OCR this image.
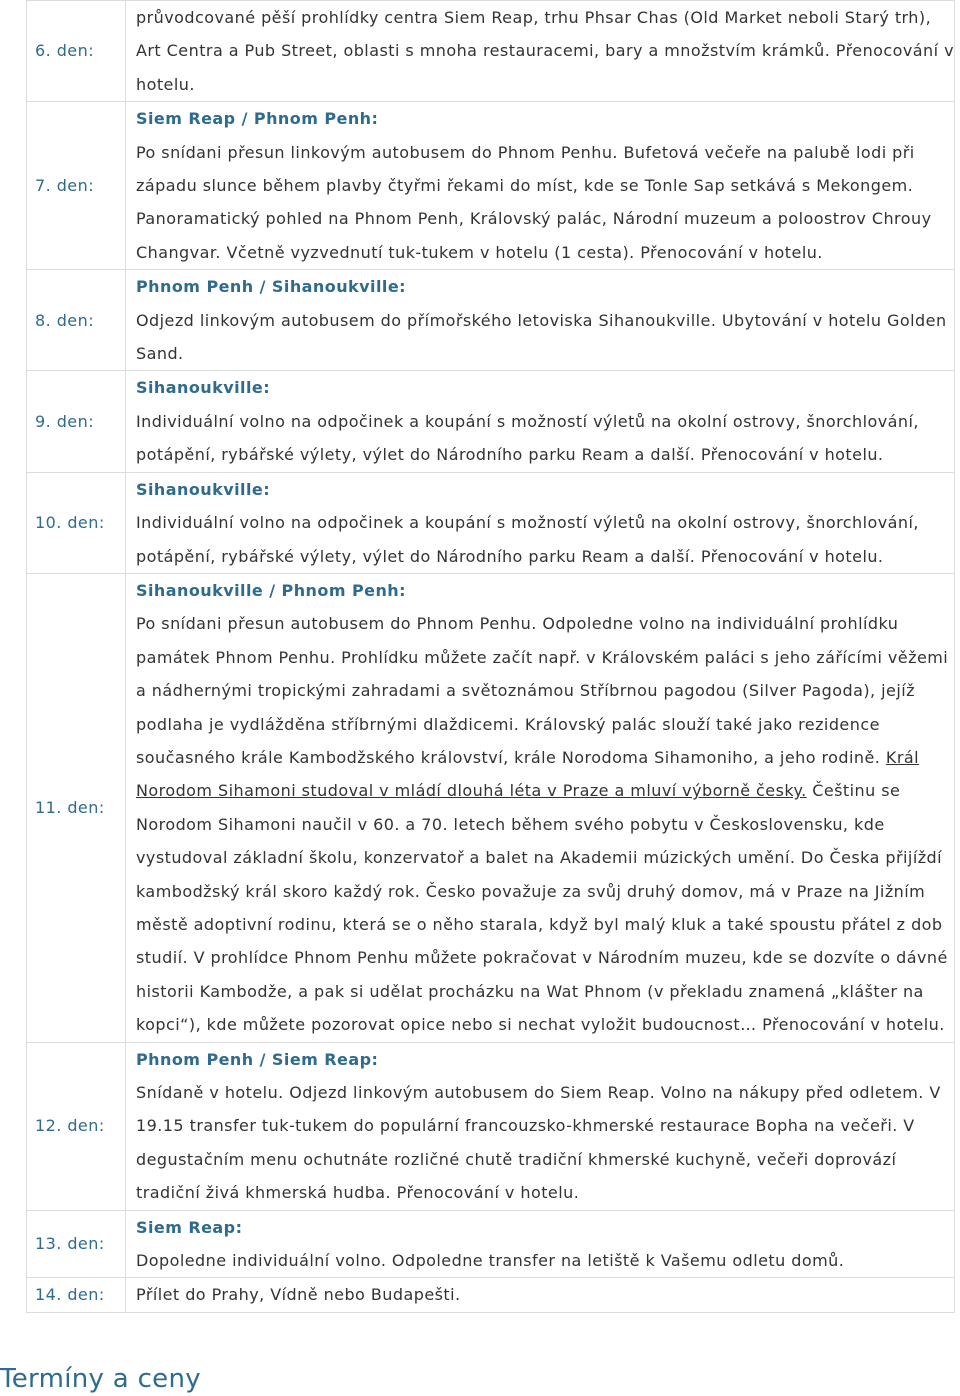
6. den:	průvodcované pěší prohlídky centra Siem Reap, trhu Phsar Chas (Old Market neboli Starý trh), Art Centra a Pub Street, oblasti s mnoha restauracemi, bary a množstvím krámků. Přenocování v hotelu.
7. den:	Siem Reap / Phnom Penh:
Po snídani přesun linkovým autobusem do Phnom Penhu. Bufetová večeře na palubě lodi při západu slunce během plavby čtyřmi řekami do míst, kde se Tonle Sap setkává s Mekongem. Panoramatický pohled na Phnom Penh, Královský palác, Národní muzeum a poloostrov Chrouy Changvar. Včetně vyzvednutí tuk-tukem v hotelu (1 cesta). Přenocování v hotelu.
8. den:	Phnom Penh / Sihanoukville:
Odjezd linkovým autobusem do přímořského letoviska Sihanoukville. Ubytování v hotelu Golden Sand.
9. den:	Sihanoukville:
Individuální volno na odpočinek a koupání s možností výletů na okolní ostrovy, šnorchlování, potápění, rybářské výlety, výlet do Národního parku Ream a další. Přenocování v hotelu.
10. den:	Sihanoukville:
Individuální volno na odpočinek a koupání s možností výletů na okolní ostrovy, šnorchlování, potápění, rybářské výlety, výlet do Národního parku Ream a další. Přenocování v hotelu.
11. den:	Sihanoukville / Phnom Penh:
Po snídani přesun autobusem do Phnom Penhu. Odpoledne volno na individuální prohlídku památek Phnom Penhu. Prohlídku můžete začít např. v Královském paláci s jeho zářícími věžemi a nádhernými tropickými zahradami a světoznámou Stříbrnou pagodou (Silver Pagoda), jejíž podlaha je vydlážděna stříbrnými dlaždicemi. Královský palác slouží také jako rezidence současného krále Kambodžského království, krále Norodoma Sihamoniho, a jeho rodině. Král Norodom Sihamoni studoval v mládí dlouhá léta v Praze a mluví výborně česky. Češtinu se Norodom Sihamoni naučil v 60. a 70. letech během svého pobytu v Československu, kde vystudoval základní školu, konzervatoř a balet na Akademii múzických umění. Do Česka přijíždí kambodžský král skoro každý rok. Česko považuje za svůj druhý domov, má v Praze na Jižním městě adoptivní rodinu, která se o něho starala, když byl malý kluk a také spoustu přátel z dob studií. V prohlídce Phnom Penhu můžete pokračovat v Národním muzeu, kde se dozvíte o dávné historii Kambodže, a pak si udělat procházku na Wat Phnom (v překladu znamená „klášter na kopci“), kde můžete pozorovat opice nebo si nechat vyložit budoucnost… Přenocování v hotelu.
12. den:	Phnom Penh / Siem Reap:
Snídaně v hotelu. Odjezd linkovým autobusem do Siem Reap. Volno na nákupy před odletem. V 19.15 transfer tuk-tukem do populární francouzsko-khmerské restaurace Bopha na večeři. V degustačním menu ochutnáte rozličné chutě tradiční khmerské kuchyně, večeři doprovází tradiční živá khmerská hudba. Přenocování v hotelu.
13. den:	Siem Reap:
Dopoledne individuální volno. Odpoledne transfer na letiště k Vašemu odletu domů.
14. den:	Přílet do Prahy, Vídně nebo Budapešti.
Termíny a ceny
